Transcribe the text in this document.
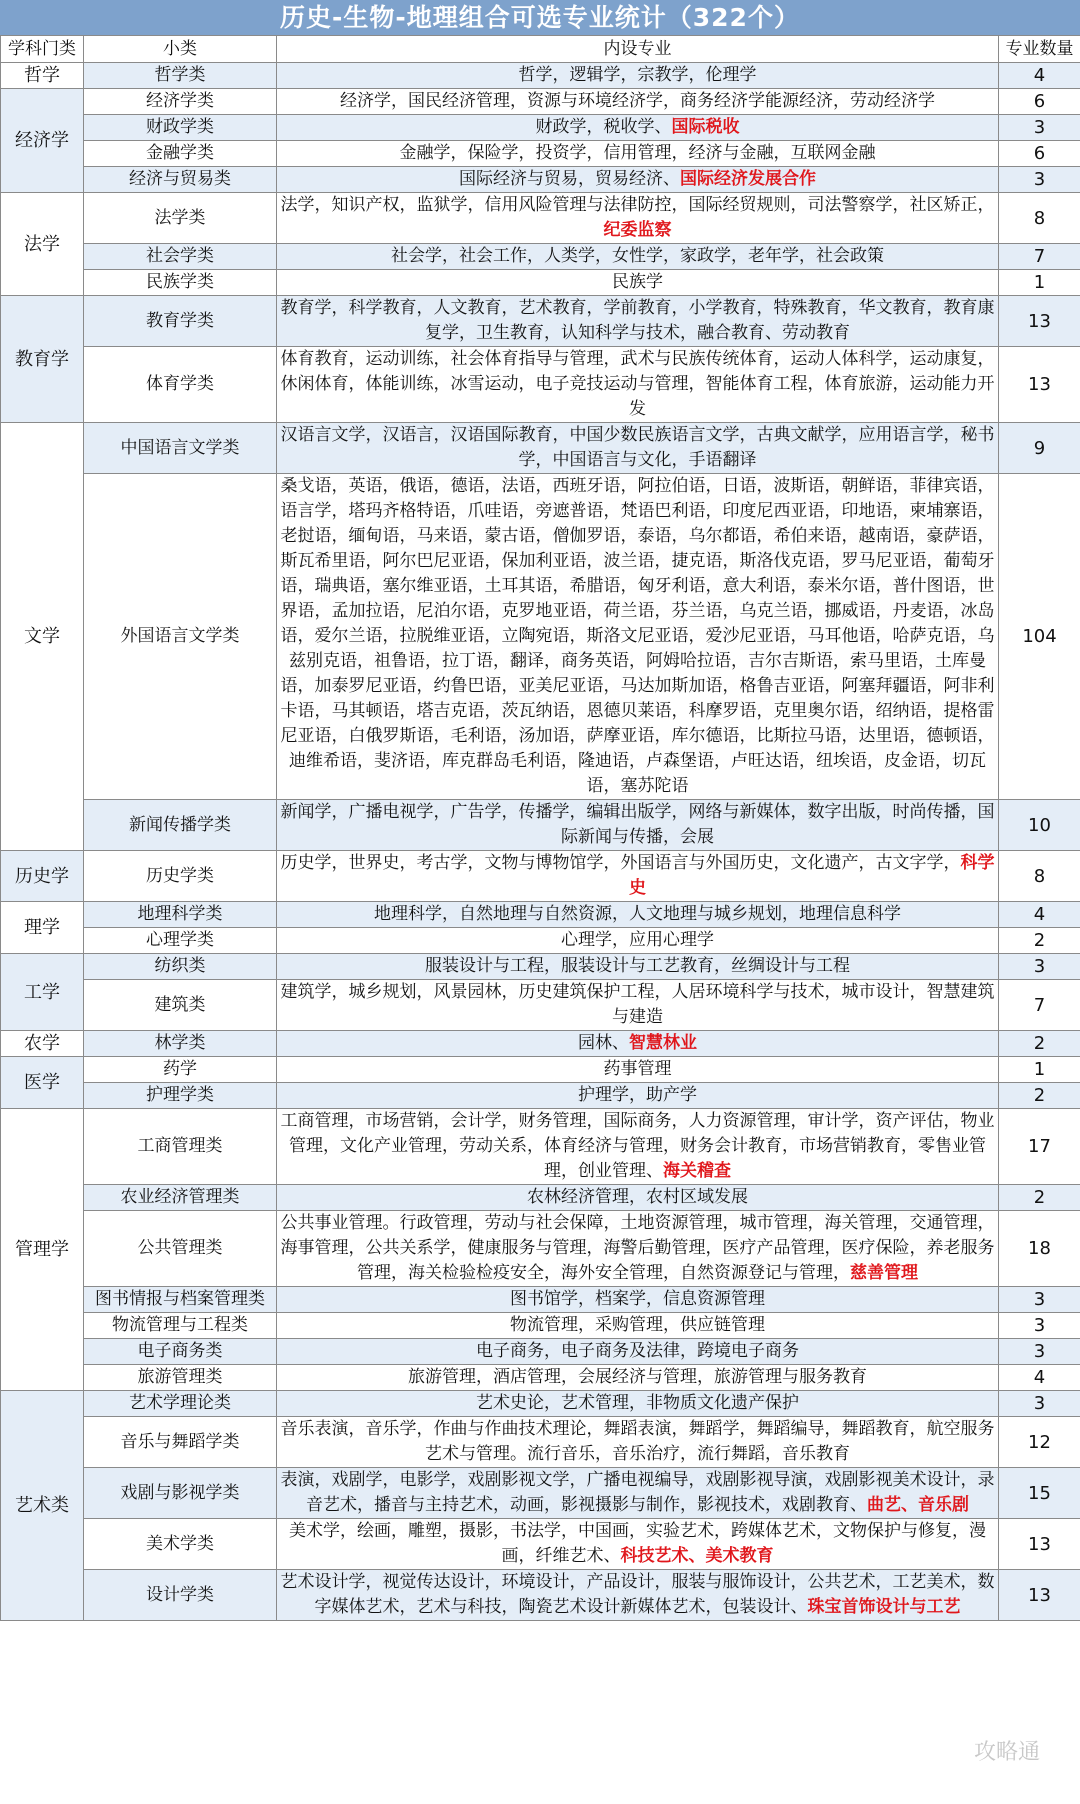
历史-生物-地理组合可选专业统计（322个）
学科门类	小类	内设专业	专业数量
哲学	哲学类	哲学，逻辑学，宗教学，伦理学	4
经济学	经济学类	经济学，国民经济管理，资源与环境经济学，商务经济学能源经济，劳动经济学	6
	财政学类	财政学，税收学、国际税收	3
	金融学类	金融学，保险学，投资学，信用管理，经济与金融，互联网金融	6
	经济与贸易类	国际经济与贸易，贸易经济、国际经济发展合作	3
法学	法学类	法学，知识产权，监狱学，信用风险管理与法律防控，国际经贸规则，司法警察学，社区矫正，纪委监察	8
	社会学类	社会学，社会工作，人类学，女性学，家政学，老年学，社会政策	7
	民族学类	民族学	1
教育学	教育学类	教育学，科学教育，人文教育，艺术教育，学前教育，小学教育，特殊教育，华文教育，教育康复学，卫生教育，认知科学与技术，融合教育、劳动教育	13
	体育学类	体育教育，运动训练，社会体育指导与管理，武术与民族传统体育，运动人体科学，运动康复，休闲体育，体能训练，冰雪运动，电子竞技运动与管理，智能体育工程，体育旅游，运动能力开发	13
文学	中国语言文学类	汉语言文学，汉语言，汉语国际教育，中国少数民族语言文学，古典文献学，应用语言学，秘书学，中国语言与文化，手语翻译	9
	外国语言文学类	桑戈语，英语，俄语，德语，法语，西班牙语，阿拉伯语，日语，波斯语，朝鲜语，菲律宾语，语言学，塔玛齐格特语，爪哇语，旁遮普语，梵语巴利语，印度尼西亚语，印地语，柬埔寨语，老挝语，缅甸语，马来语，蒙古语，僧伽罗语，泰语，乌尔都语，希伯来语，越南语，豪萨语，斯瓦希里语，阿尔巴尼亚语，保加利亚语，波兰语，捷克语，斯洛伐克语，罗马尼亚语，葡萄牙语，瑞典语，塞尔维亚语，土耳其语，希腊语，匈牙利语，意大利语，泰米尔语，普什图语，世界语，孟加拉语，尼泊尔语，克罗地亚语，荷兰语，芬兰语，乌克兰语，挪威语，丹麦语，冰岛语，爱尔兰语，拉脱维亚语，立陶宛语，斯洛文尼亚语，爱沙尼亚语，马耳他语，哈萨克语，乌兹别克语，祖鲁语，拉丁语，翻译，商务英语，阿姆哈拉语，吉尔吉斯语，索马里语，土库曼语，加泰罗尼亚语，约鲁巴语，亚美尼亚语，马达加斯加语，格鲁吉亚语，阿塞拜疆语，阿非利卡语，马其顿语，塔吉克语，茨瓦纳语，恩德贝莱语，科摩罗语，克里奥尔语，绍纳语，提格雷尼亚语，白俄罗斯语，毛利语，汤加语，萨摩亚语，库尔德语，比斯拉马语，达里语，德顿语，迪维希语，斐济语，库克群岛毛利语，隆迪语，卢森堡语，卢旺达语，纽埃语，皮金语，切瓦语，塞苏陀语	104
	新闻传播学类	新闻学，广播电视学，广告学，传播学，编辑出版学，网络与新媒体，数字出版，时尚传播，国际新闻与传播，会展	10
历史学	历史学类	历史学，世界史，考古学，文物与博物馆学，外国语言与外国历史，文化遗产，古文字学，科学史	8
理学	地理科学类	地理科学，自然地理与自然资源，人文地理与城乡规划，地理信息科学	4
	心理学类	心理学，应用心理学	2
工学	纺织类	服装设计与工程，服装设计与工艺教育，丝绸设计与工程	3
	建筑类	建筑学，城乡规划，风景园林，历史建筑保护工程，人居环境科学与技术，城市设计，智慧建筑与建造	7
农学	林学类	园林、智慧林业	2
医学	药学	药事管理	1
	护理学类	护理学，助产学	2
管理学	工商管理类	工商管理，市场营销，会计学，财务管理，国际商务，人力资源管理，审计学，资产评估，物业管理，文化产业管理，劳动关系，体育经济与管理，财务会计教育，市场营销教育，零售业管理，创业管理、海关稽查	17
	农业经济管理类	农林经济管理，农村区域发展	2
	公共管理类	公共事业管理。行政管理，劳动与社会保障，土地资源管理，城市管理，海关管理，交通管理，海事管理，公共关系学，健康服务与管理，海警后勤管理，医疗产品管理，医疗保险，养老服务管理，海关检验检疫安全，海外安全管理，自然资源登记与管理，慈善管理	18
	图书情报与档案管理类	图书馆学，档案学，信息资源管理	3
	物流管理与工程类	物流管理，采购管理，供应链管理	3
	电子商务类	电子商务，电子商务及法律，跨境电子商务	3
	旅游管理类	旅游管理，酒店管理，会展经济与管理，旅游管理与服务教育	4
艺术类	艺术学理论类	艺术史论，艺术管理，非物质文化遗产保护	3
	音乐与舞蹈学类	音乐表演，音乐学，作曲与作曲技术理论，舞蹈表演，舞蹈学，舞蹈编导，舞蹈教育，航空服务艺术与管理。流行音乐，音乐治疗，流行舞蹈，音乐教育	12
	戏剧与影视学类	表演，戏剧学，电影学，戏剧影视文学，广播电视编导，戏剧影视导演，戏剧影视美术设计，录音艺术，播音与主持艺术，动画，影视摄影与制作，影视技术，戏剧教育、曲艺、音乐剧	15
	美术学类	美术学，绘画，雕塑，摄影，书法学，中国画，实验艺术，跨媒体艺术，文物保护与修复，漫画，纤维艺术、科技艺术、美术教育	13
	设计学类	艺术设计学，视觉传达设计，环境设计，产品设计，服装与服饰设计，公共艺术，工艺美术，数字媒体艺术，艺术与科技，陶瓷艺术设计新媒体艺术，包装设计、珠宝首饰设计与工艺	13
攻略通
